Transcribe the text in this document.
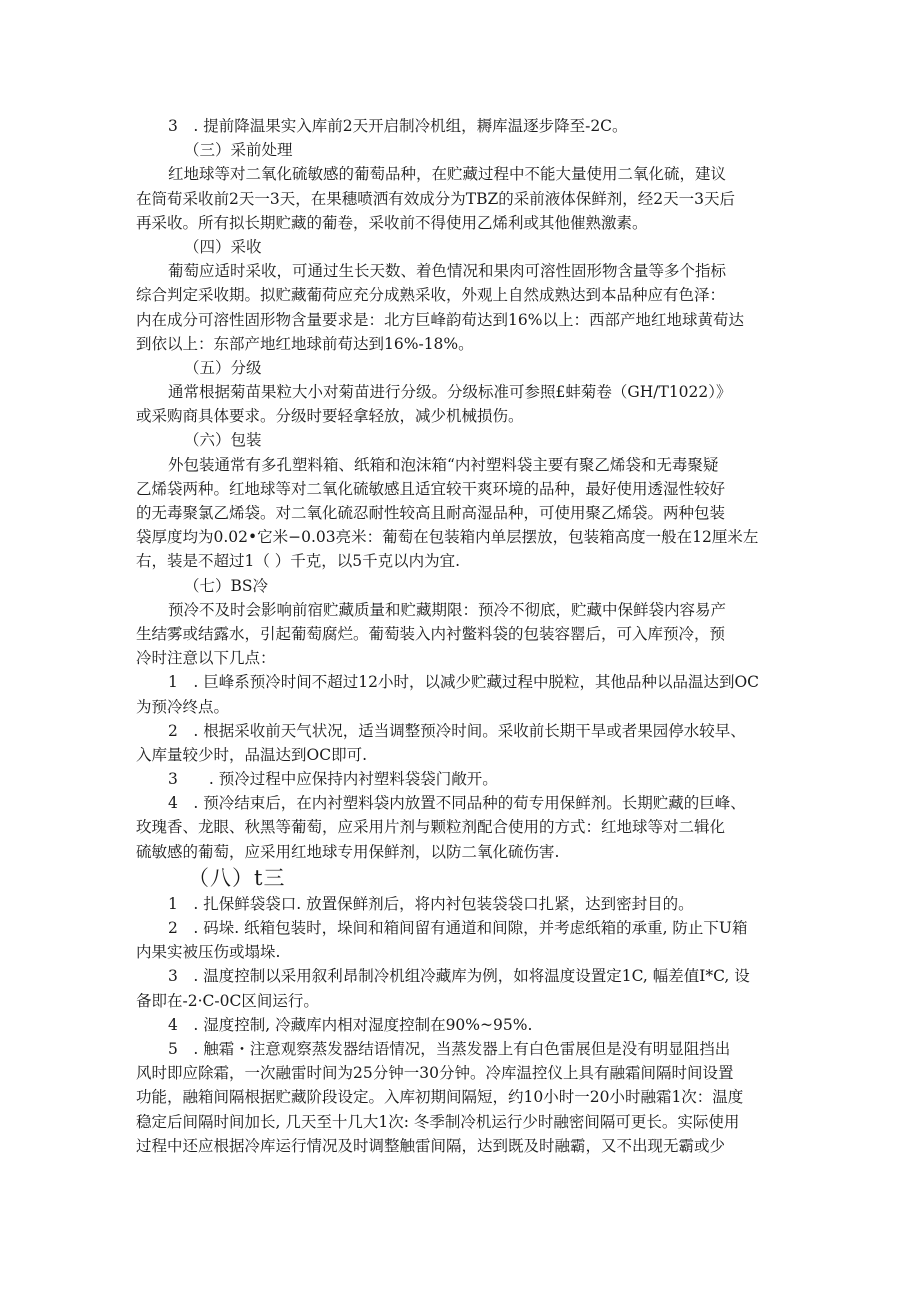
3　. 提前降温果实入库前2天开启制冷机组，耨库温逐步降至-2C。
（三）采前处理
红地球等对二氧化硫敏感的葡萄品种，在贮藏过程中不能大量使用二氧化硫，建议
在筒荀采收前2天一3天，在果穗喷洒有效成分为TBZ的采前液体保鲜剂，经2天一3天后
再采收。所有拟长期贮藏的葡卷，采收前不得使用乙烯利或其他催熟激素。
（四）采收
葡萄应适时采收，可通过生长天数、着色情况和果肉可溶性固形物含量等多个指标
综合判定采收期。拟贮藏葡荷应充分成熟采收，外观上自然成熟达到本品种应有色泽：
内在成分可溶性固形物含量要求是：北方巨峰韵荀达到16%以上：西部产地红地球黄荀达
到依以上：东部产地红地球前荀达到16%-18%。
（五）分级
通常根据菊苗果粒大小对菊苗进行分级。分级标准可参照£蚌菊卷（GH/T1022）》
或采购商具体要求。分级时要轻拿轻放，减少机械损伤。
（六）包装
外包装通常有多孔塑料箱、纸箱和泡沫箱“内衬塑料袋主要有聚乙烯袋和无毒聚疑
乙烯袋两种。红地球等对二氧化硫敏感且适宜较干爽环境的品种，最好使用透湿性较好
的无毒聚氯乙烯袋。对二氧化硫忍耐性较高且耐高湿品种，可使用聚乙烯袋。两种包装
袋厚度均为0.02•它米−0.03亮米：葡萄在包装箱内单层摆放，包装箱高度一般在12厘米左
右，装是不超过1（ ）千克，以5千克以内为宜.
（七）BS冷
预冷不及时会影响前宿贮藏质量和贮藏期限：预冷不彻底，贮藏中保鲜袋内容易产
生结雾或结露水，引起葡萄腐烂。葡萄装入内衬鳖料袋的包装容罂后，可入库预冷，预
冷时注意以下几点：
1　. 巨峰系预冷时间不超过12小时，以减少贮藏过程中脱粒，其他品种以品温达到OC
为预冷终点。
2　. 根据采收前天气状况，适当调整预冷时间。采收前长期干旱或者果园停水较早、
入库量较少时，品温达到OC即可.
3　　. 预冷过程中应保持内衬塑料袋袋门敞开。
4　. 预冷结束后，在内衬塑料袋内放置不同品种的荀专用保鲜剂。长期贮藏的巨峰、
玫瑰香、龙眼、秋黑等葡萄，应采用片剂与颗粒剂配合使用的方式：红地球等对二辑化
硫敏感的葡萄，应采用红地球专用保鲜剂，以防二氧化硫伤害.
（八）t三
1　. 扎保鲜袋袋口. 放置保鲜剂后，将内衬包装袋袋口扎紧，达到密封目的。
2　. 码垛. 纸箱包装时，垛间和箱间留有通道和间隙，并考虑纸箱的承重, 防止下U箱
内果实被压伤或塌垛.
3　. 温度控制以采用叙利昂制冷机组冷藏库为例，如将温度设置定1C, 幅差值I*C, 设
备即在-2·C-0C区间运行。
4　. 湿度控制, 冷藏库内相对湿度控制在90%~95%.
5　. 触霜・注意观察蒸发器结语情况，当蒸发器上有白色雷展但是没有明显阻挡出
风时即应除霜，一次融雷时间为25分钟一30分钟。冷库温控仪上具有融霜间隔时间设置
功能，融箱间隔根据贮藏阶段设定。入库初期间隔短，约10小时一20小时融霜1次：温度
稳定后间隔时间加长, 几天至十几大1次: 冬季制冷机运行少时融密间隔可更长。实际使用
过程中还应根据冷库运行情况及时调整触雷间隔，达到既及时融霸，又不出现无霸或少
